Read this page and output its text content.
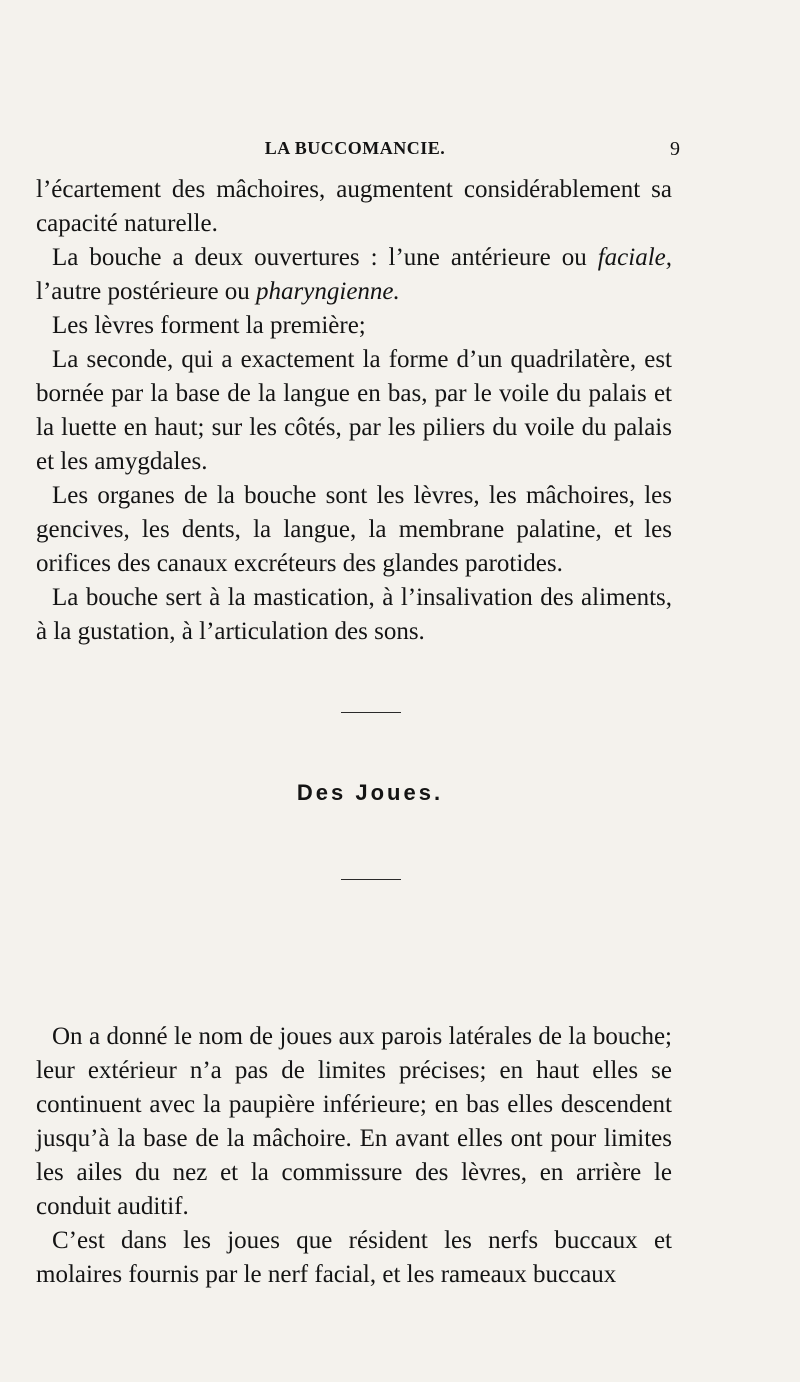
LA BUCCOMANCIE.	9

l’écartement des mâchoires, augmentent considérablement sa capacité naturelle.

La bouche a deux ouvertures : l’une antérieure ou faciale, l’autre postérieure ou pharyngienne.

Les lèvres forment la première;

La seconde, qui a exactement la forme d’un quadrilatère, est bornée par la base de la langue en bas, par le voile du palais et la luette en haut; sur les côtés, par les piliers du voile du palais et les amygdales.

Les organes de la bouche sont les lèvres, les mâchoires, les gencives, les dents, la langue, la membrane palatine, et les orifices des canaux excréteurs des glandes parotides.

La bouche sert à la mastication, à l’insalivation des aliments, à la gustation, à l’articulation des sons.

Des Joues.

On a donné le nom de joues aux parois latérales de la bouche; leur extérieur n’a pas de limites précises; en haut elles se continuent avec la paupière inférieure; en bas elles descendent jusqu’à la base de la mâchoire. En avant elles ont pour limites les ailes du nez et la commissure des lèvres, en arrière le conduit auditif.

C’est dans les joues que résident les nerfs buccaux et molaires fournis par le nerf facial, et les rameaux buccaux
